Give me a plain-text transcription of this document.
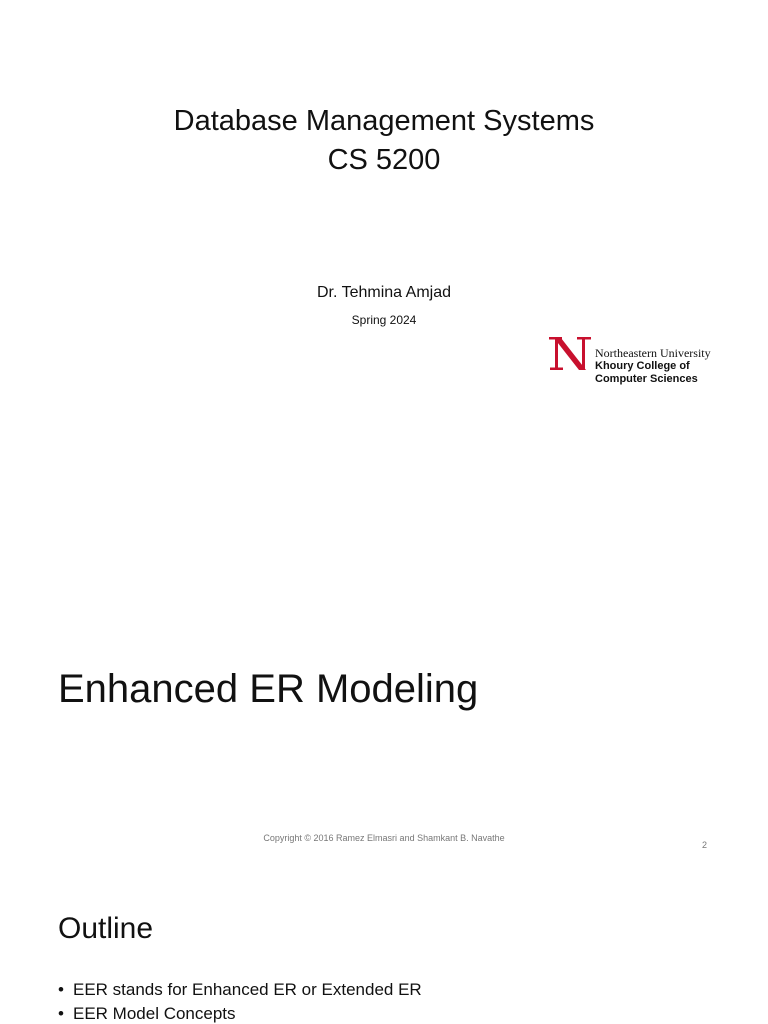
Database Management Systems
CS 5200
Dr. Tehmina Amjad
Spring 2024
Northeastern University
Khoury College of
Computer Sciences
Enhanced ER Modeling
Copyright © 2016 Ramez Elmasri and Shamkant B. Navathe
2
Outline
• EER stands for Enhanced ER or Extended ER
• EER Model Concepts
